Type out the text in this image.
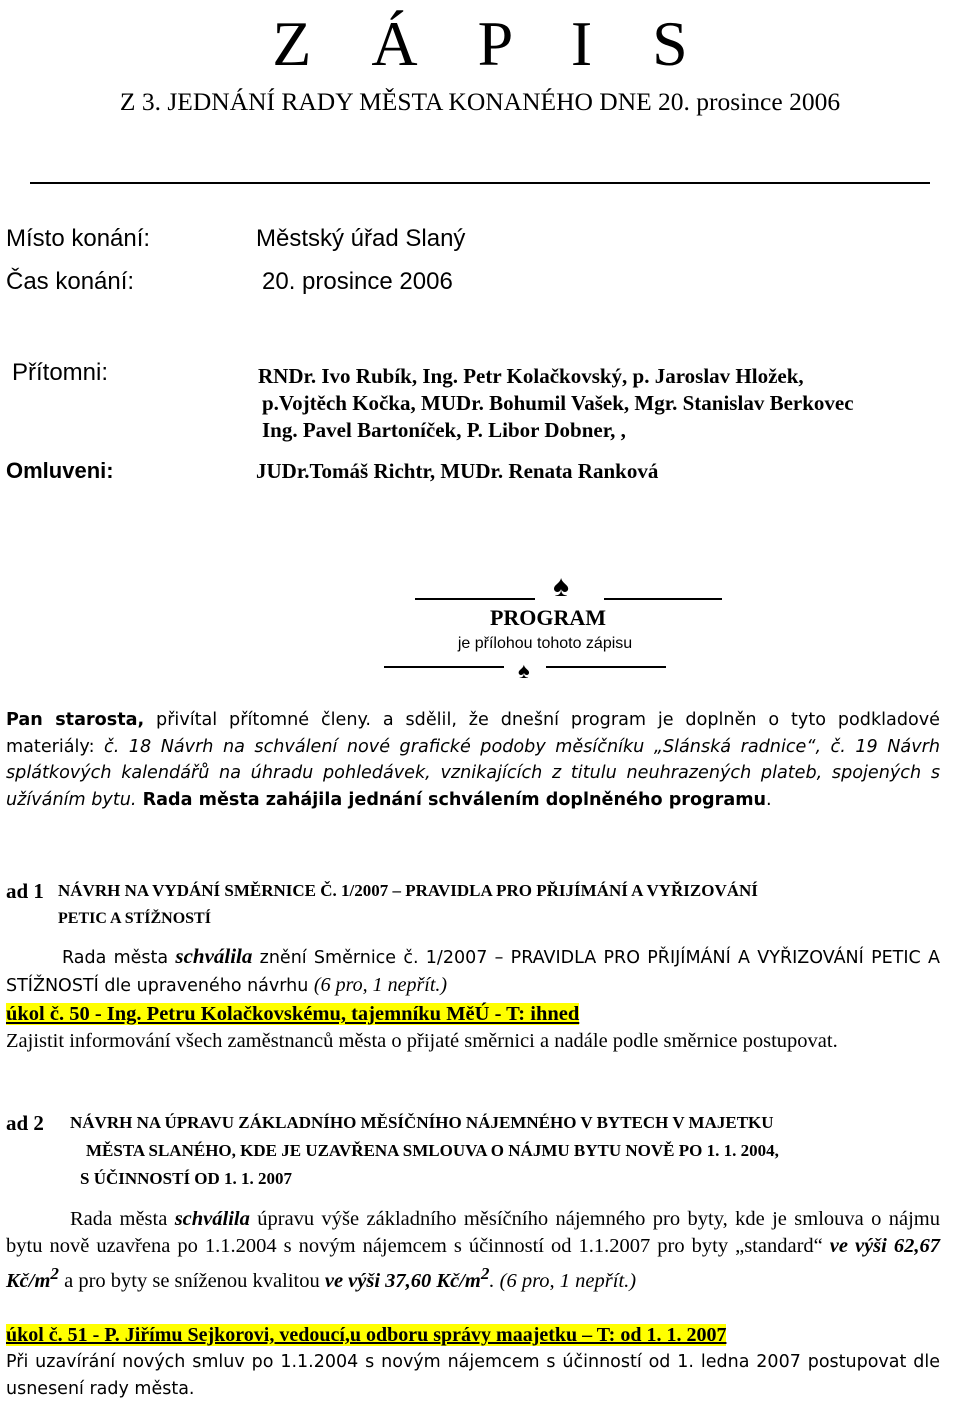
Z Á P I S
Z 3. JEDNÁNÍ RADY MĚSTA KONANÉHO DNE 20. prosince 2006
Místo konání:	Městský úřad Slaný
Čas konání:	20. prosince 2006
Přítomni:	RNDr. Ivo Rubík, Ing. Petr Kolačkovský, p. Jaroslav Hložek,
p.Vojtěch Kočka, MUDr. Bohumil Vašek, Mgr. Stanislav Berkovec
Ing. Pavel Bartoníček, P. Libor Dobner, ,
Omluveni:	JUDr.Tomáš Richtr, MUDr. Renata Ranková
♠
PROGRAM
je přílohou tohoto zápisu
♠

Pan starosta, přivítal přítomné členy. a sdělil, že dnešní program je doplněn o tyto podkladové materiály: č. 18 Návrh na schválení nové grafické podoby měsíčníku „Slánská radnice“, č. 19 Návrh splátkových kalendářů na úhradu pohledávek, vznikajících z titulu neuhrazených plateb, spojených s užíváním bytu. Rada města zahájila jednání schválením doplněného programu.

ad 1 NÁVRH NA VYDÁNÍ SMĚRNICE Č. 1/2007 – PRAVIDLA PRO PŘIJÍMÁNÍ A VYŘIZOVÁNÍ
PETIC A STÍŽNOSTÍ

Rada města schválila znění Směrnice č. 1/2007 – PRAVIDLA PRO PŘIJÍMÁNÍ A VYŘIZOVÁNÍ PETIC A STÍŽNOSTÍ dle upraveného návrhu (6 pro, 1 nepřít.)

úkol č. 50 - Ing. Petru Kolačkovskému, tajemníku MěÚ - T: ihned
Zajistit informování všech zaměstnanců města o přijaté směrnici a nadále podle směrnice postupovat.
ad 2 NÁVRH NA ÚPRAVU ZÁKLADNÍHO MĚSÍČNÍHO NÁJEMNÉHO V BYTECH V MAJETKU
MĚSTA SLANÉHO, KDE JE UZAVŘENA SMLOUVA O NÁJMU BYTU NOVĚ PO 1. 1. 2004,
S ÚČINNOSTÍ OD 1. 1. 2007

Rada města schválila úpravu výše základního měsíčního nájemného pro byty, kde je smlouva o nájmu bytu nově uzavřena po 1.1.2004 s novým nájemcem s účinností od 1.1.2007 pro byty „standard“ ve výši 62,67 $Kč/m^2$ a pro byty se sníženou kvalitou ve výši 37,60 $Kč/m^2$. (6 pro, 1 nepřít.)

úkol č. 51 - P. Jiřímu Sejkorovi, vedoucí,u odboru správy maajetku – T: od 1. 1. 2007
Při uzavírání nových smluv po 1.1.2004 s novým nájemcem s účinností od 1. ledna 2007 postupovat dle usnesení rady města.
